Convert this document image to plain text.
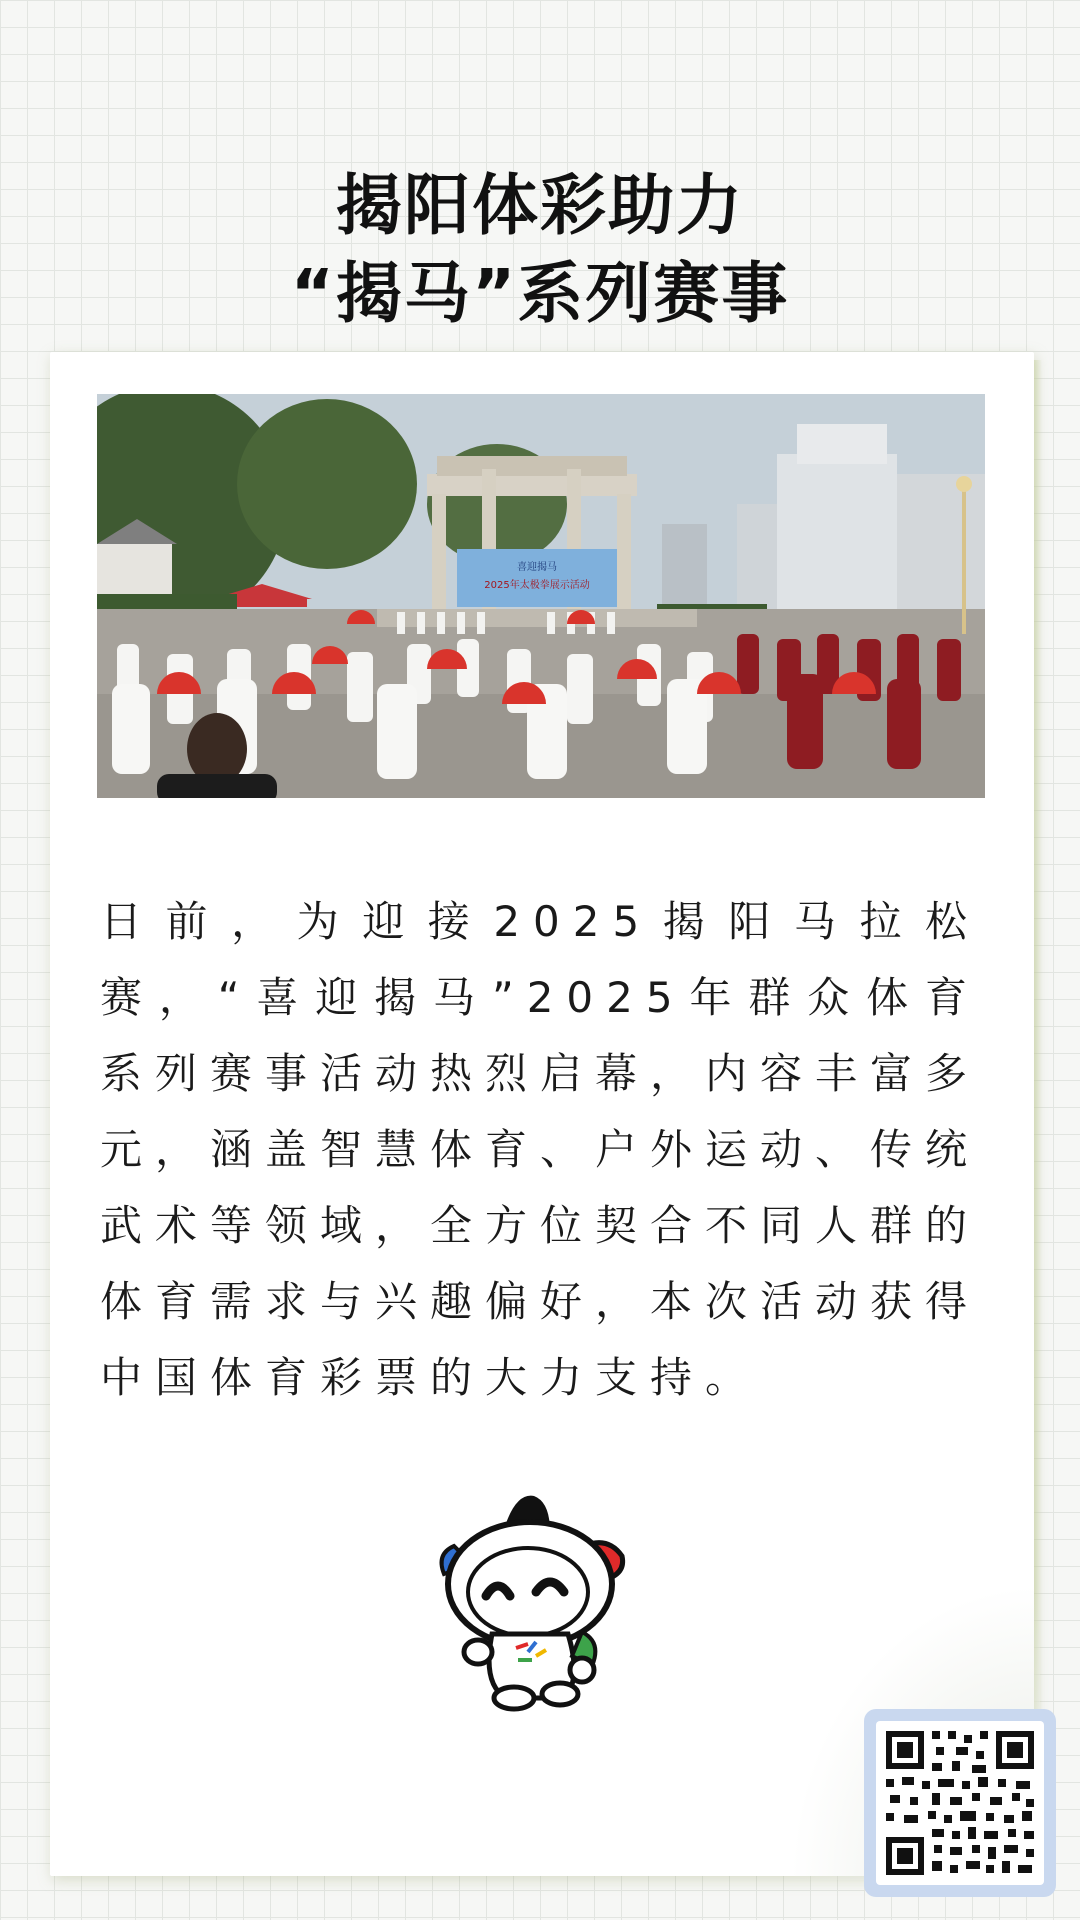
揭阳体彩助力
“揭马”系列赛事
喜迎揭马
2025年太极拳展示活动

日前，为迎接2025揭阳马拉松赛，“喜迎揭马”2025年群众体育系列赛事活动热烈启幕，内容丰富多元，涵盖智慧体育、户外运动、传统武术等领域，全方位契合不同人群的体育需求与兴趣偏好，本次活动获得中国体育彩票的大力支持。
